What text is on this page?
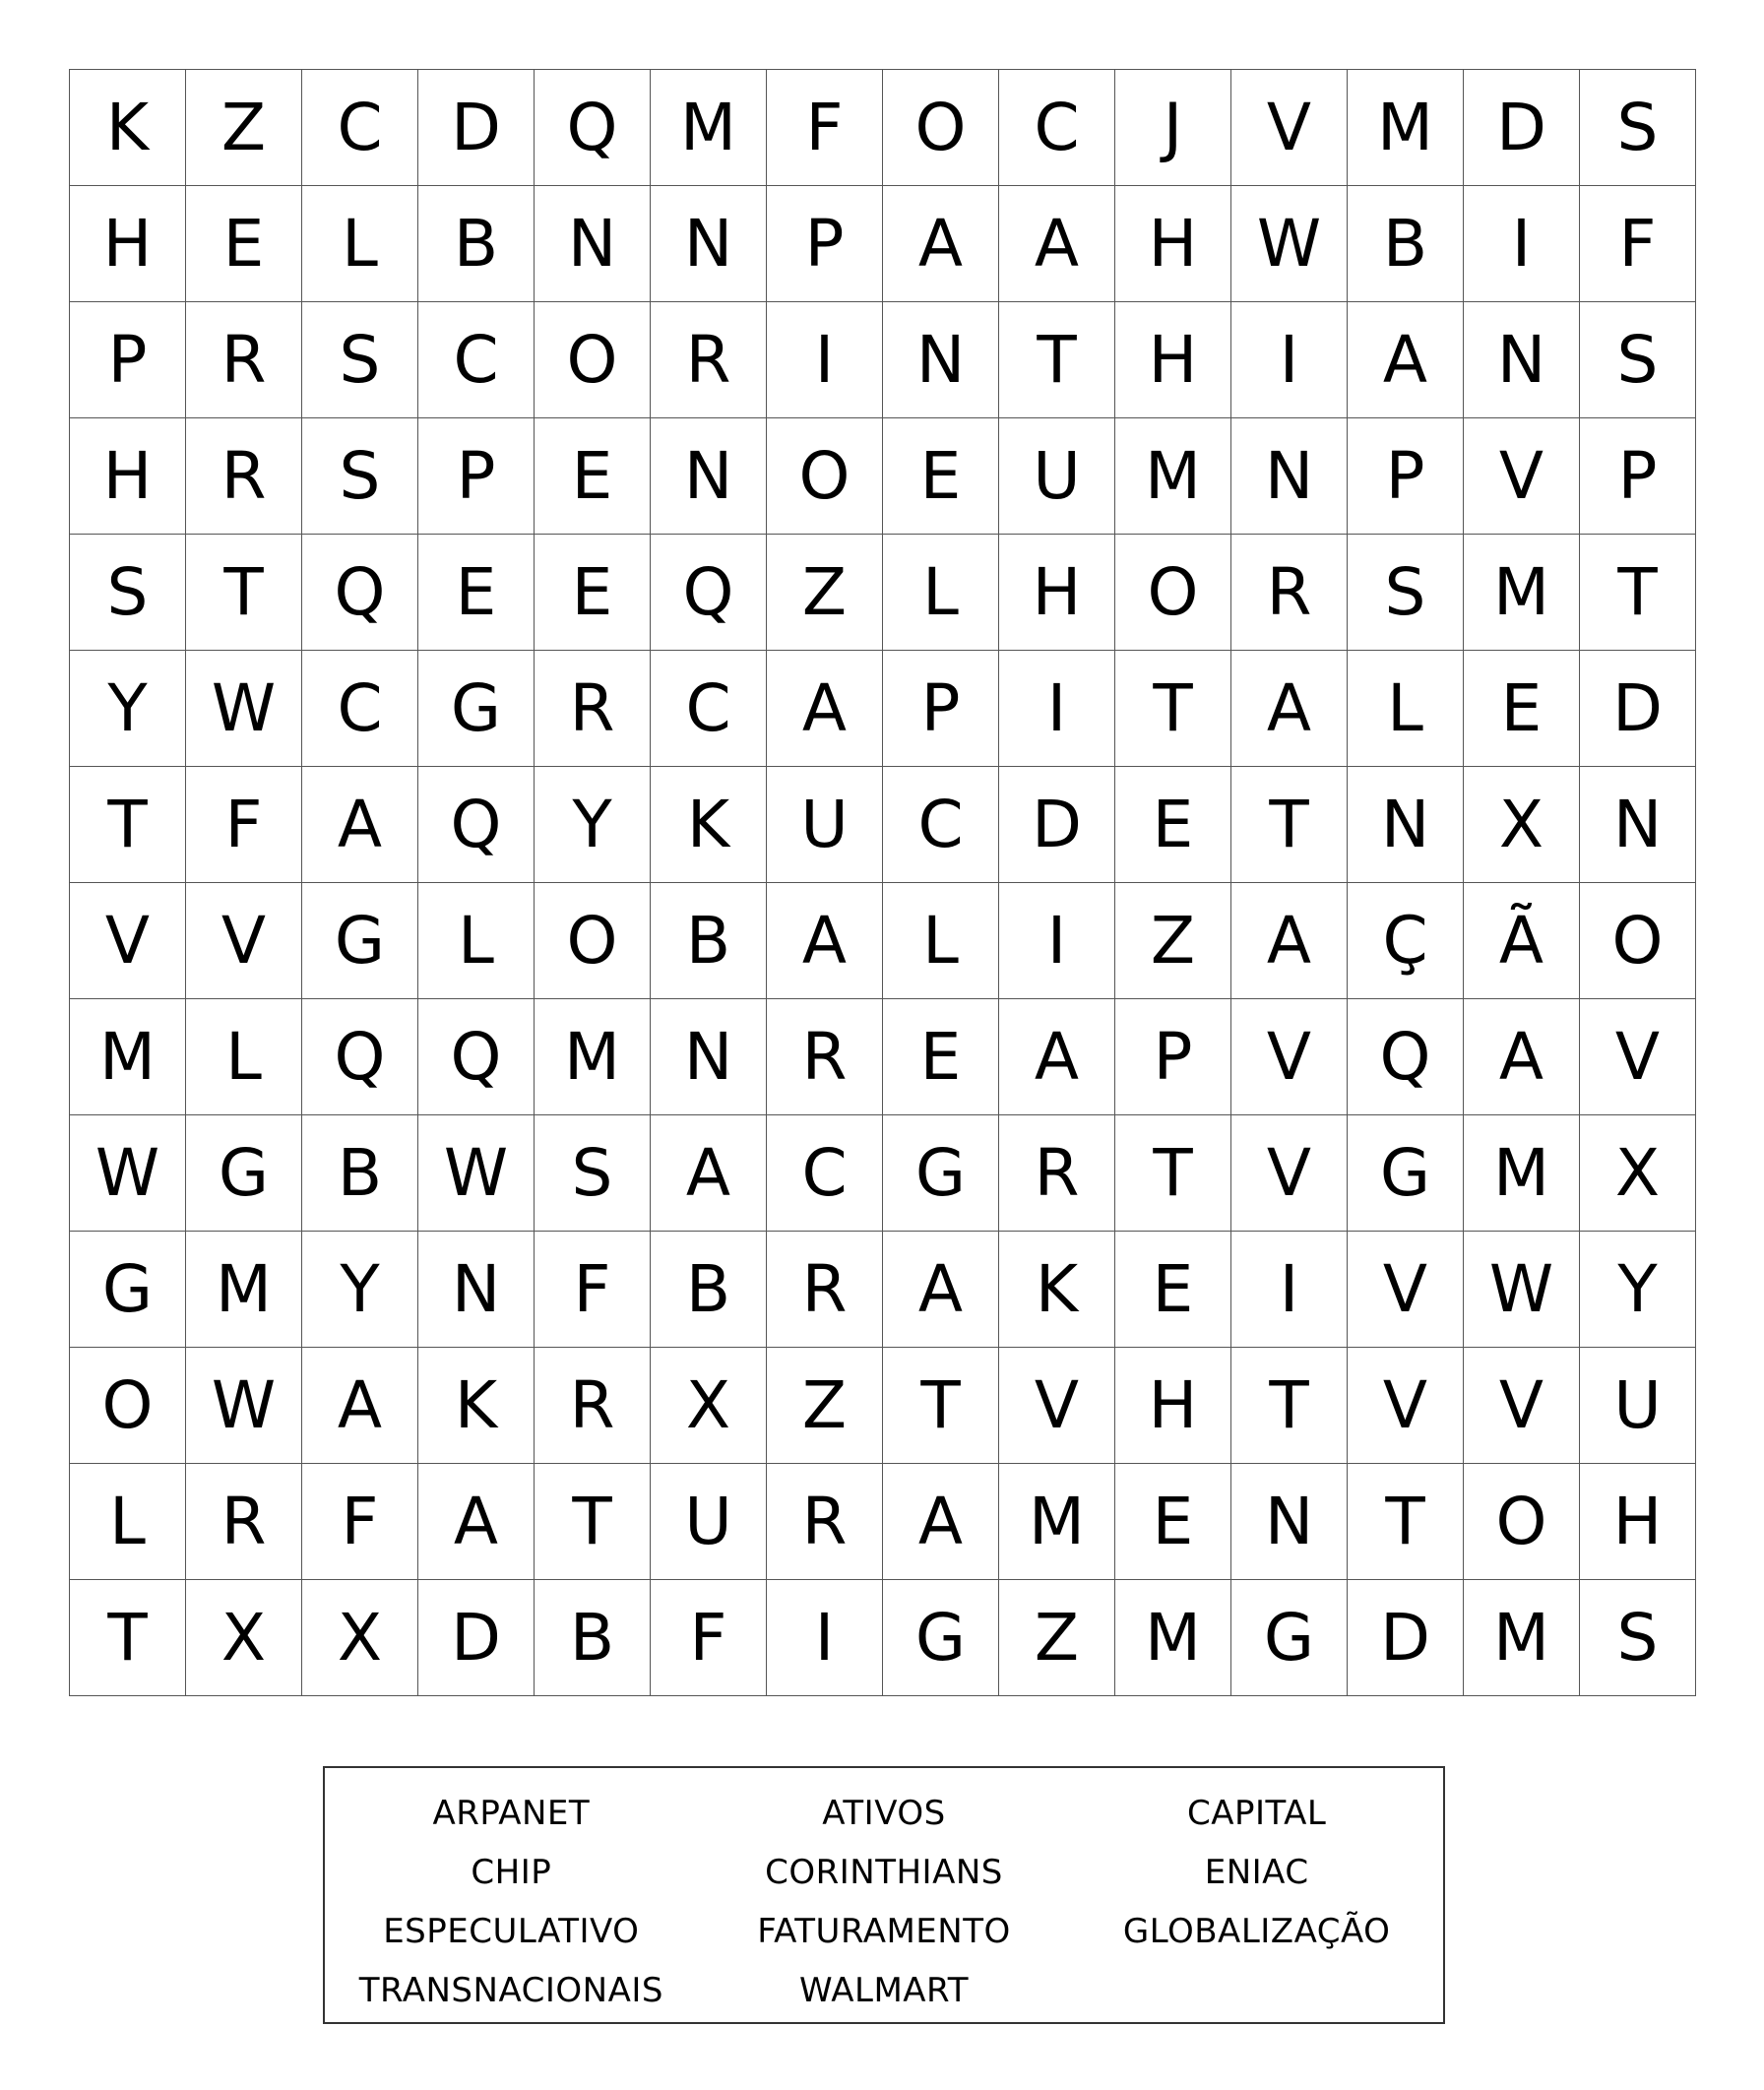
K	Z	C	D	Q M	F	O	C	J	V	M D	S
H	E	L	B	N	N	P	A	A	H W B	I	F
P	R	S	C	O	R	I	N	T	H	I	A	N	S
H	R	S	P	E	N	O	E	U M N	P	V	P
S	T	Q	E	E	Q	Z	L	H	O	R	S	M	T
Y W C	G	R	C	A	P	I	T	A	L	E	D
T	F	A	Q	Y	K	U	C	D	E	T	N	X	N
V	V	G	L	O	B	A	L	I	Z	A	Ç	Ã	O
M	L	Q	Q M N	R	E	A	P	V	Q	A	V
W G	B W S	A	C	G	R	T	V	G M	X
G M	Y	N	F	B	R	A	K	E	I	V W Y
O W A	K	R	X	Z	T	V	H	T	V	V	U
L	R	F	A	T	U	R	A	M	E	N	T	O	H
T	X	X	D	B	F	I	G	Z	M G	D M	S
ARPANET	ATIVOS	CAPITAL
CHIP	CORINTHIANS	ENIAC
ESPECULATIVO	FATURAMENTO	GLOBALIZAÇÃO
TRANSNACIONAIS	WALMART
